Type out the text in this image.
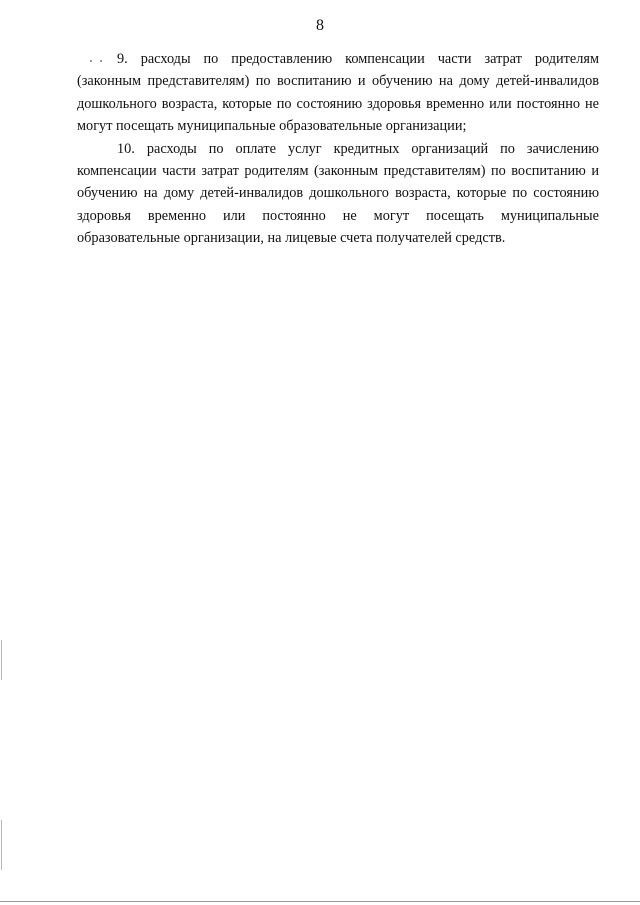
8

9. расходы по предоставлению компенсации части затрат родителям (законным представителям) по воспитанию и обучению на дому детей-инвалидов дошкольного возраста, которые по состоянию здоровья временно или постоянно не могут посещать муниципальные образовательные организации;

10. расходы по оплате услуг кредитных организаций по зачислению компенсации части затрат родителям (законным представителям) по воспитанию и обучению на дому детей-инвалидов дошкольного возраста, которые по состоянию здоровья временно или постоянно не могут посещать муниципальные образовательные организации, на лицевые счета получателей средств.
